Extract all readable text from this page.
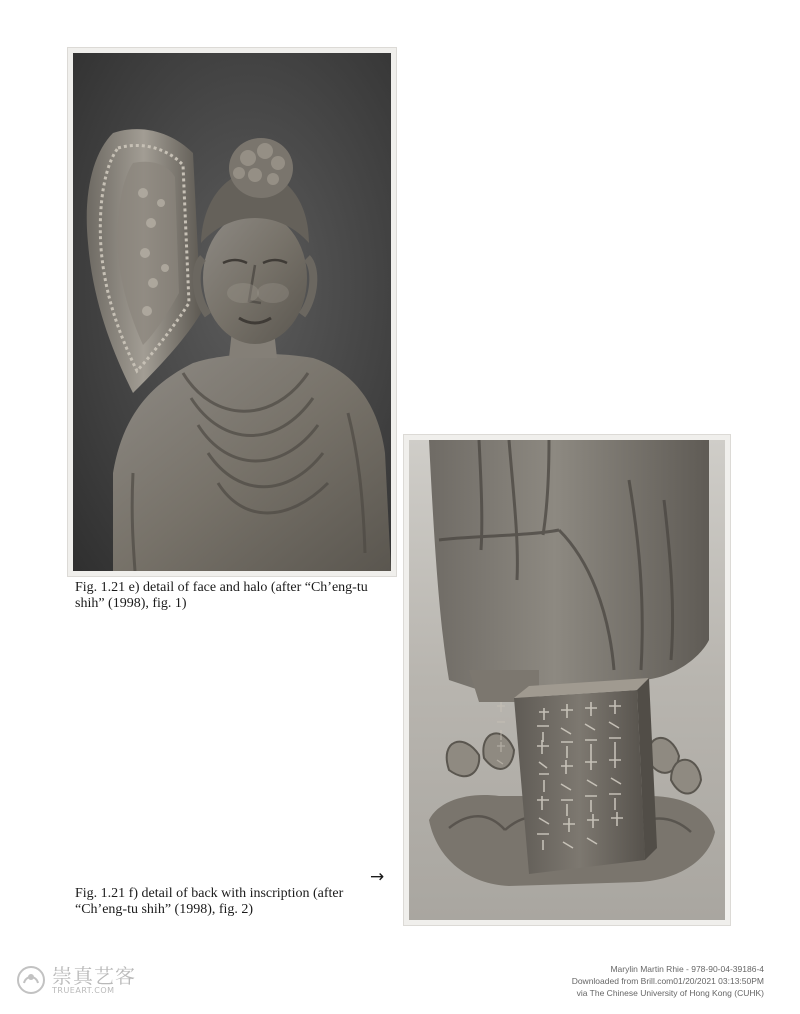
Fig. 1.21 e) detail of face and halo (after “Ch’eng-tu shih” (1998), fig. 1)
→
Fig. 1.21 f) detail of back with inscription (after “Ch’eng-tu shih” (1998), fig. 2)
崇真艺客
TRUEART.COM
Marylin Martin Rhie - 978-90-04-39186-4
Downloaded from Brill.com01/20/2021 03:13:50PM
via The Chinese University of Hong Kong (CUHK)
